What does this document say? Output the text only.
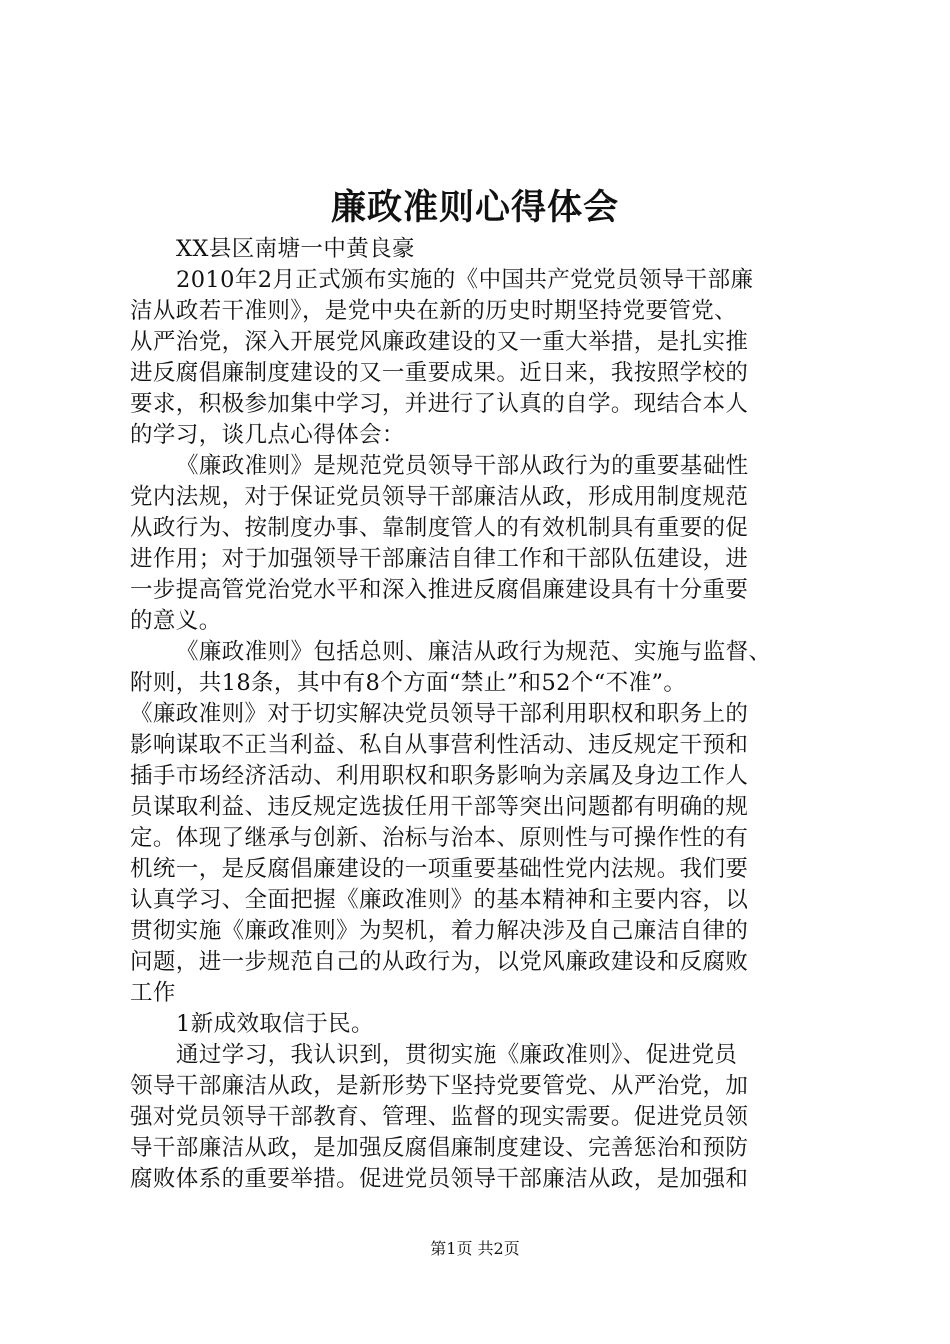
廉政准则心得体会
XX县区南塘一中黄良豪
2010年2月正式颁布实施的《中国共产党党员领导干部廉
洁从政若干准则》，是党中央在新的历史时期坚持党要管党、
从严治党，深入开展党风廉政建设的又一重大举措，是扎实推
进反腐倡廉制度建设的又一重要成果。近日来，我按照学校的
要求，积极参加集中学习，并进行了认真的自学。现结合本人
的学习，谈几点心得体会：
《廉政准则》是规范党员领导干部从政行为的重要基础性
党内法规，对于保证党员领导干部廉洁从政，形成用制度规范
从政行为、按制度办事、靠制度管人的有效机制具有重要的促
进作用；对于加强领导干部廉洁自律工作和干部队伍建设，进
一步提高管党治党水平和深入推进反腐倡廉建设具有十分重要
的意义。
《廉政准则》包括总则、廉洁从政行为规范、实施与监督、
附则，共18条，其中有8个方面“禁止”和52个“不准”。
《廉政准则》对于切实解决党员领导干部利用职权和职务上的
影响谋取不正当利益、私自从事营利性活动、违反规定干预和
插手市场经济活动、利用职权和职务影响为亲属及身边工作人
员谋取利益、违反规定选拔任用干部等突出问题都有明确的规
定。体现了继承与创新、治标与治本、原则性与可操作性的有
机统一，是反腐倡廉建设的一项重要基础性党内法规。我们要
认真学习、全面把握《廉政准则》的基本精神和主要内容，以
贯彻实施《廉政准则》为契机，着力解决涉及自己廉洁自律的
问题，进一步规范自己的从政行为，以党风廉政建设和反腐败
工作
1新成效取信于民。
通过学习，我认识到，贯彻实施《廉政准则》、促进党员
领导干部廉洁从政，是新形势下坚持党要管党、从严治党，加
强对党员领导干部教育、管理、监督的现实需要。促进党员领
导干部廉洁从政，是加强反腐倡廉制度建设、完善惩治和预防
腐败体系的重要举措。促进党员领导干部廉洁从政，是加强和
第1页 共2页
